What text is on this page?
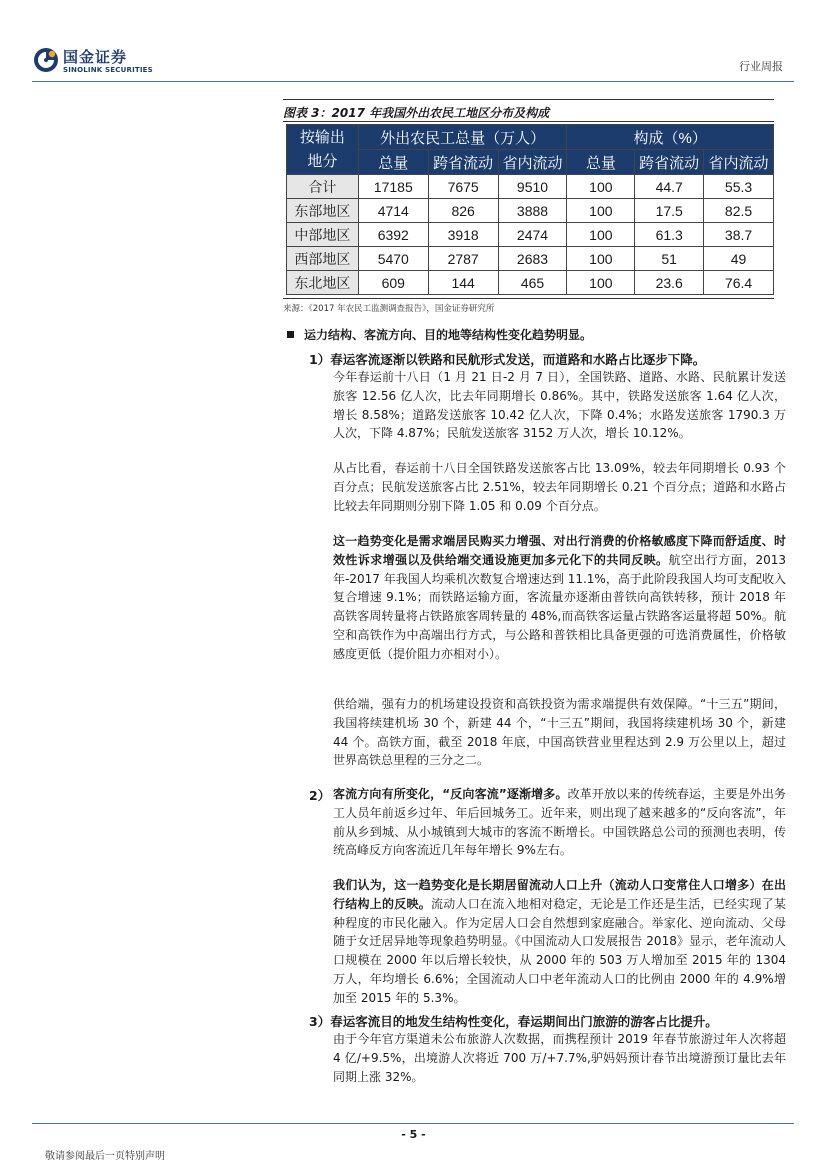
国金证券
SINOLINK SECURITIES	行业周报
图表 3：2017 年我国外出农民工地区分布及构成
按输出地分	外出农民工总量（万人）			构成（%）		
	总量	跨省流动	省内流动	总量	跨省流动	省内流动
合计	17185	7675	9510	100	44.7	55.3
东部地区	4714	826	3888	100	17.5	82.5
中部地区	6392	3918	2474	100	61.3	38.7
西部地区	5470	2787	2683	100	51	49
东北地区	609	144	465	100	23.6	76.4
来源：《2017 年农民工监测调查报告》，国金证券研究所
运力结构、客流方向、目的地等结构性变化趋势明显。
1）春运客流逐渐以铁路和民航形式发送，而道路和水路占比逐步下降。
今年春运前十八日（1 月 21 日-2 月 7 日），全国铁路、道路、水路、民航累计发送旅客 12.56 亿人次，比去年同期增长 0.86%。其中，铁路发送旅客 1.64 亿人次，增长 8.58%；道路发送旅客 10.42 亿人次，下降 0.4%；水路发送旅客 1790.3 万人次，下降 4.87%；民航发送旅客 3152 万人次，增长 10.12%。
从占比看，春运前十八日全国铁路发送旅客占比 13.09%，较去年同期增长 0.93 个百分点；民航发送旅客占比 2.51%，较去年同期增长 0.21 个百分点；道路和水路占比较去年同期则分别下降 1.05 和 0.09 个百分点。
这一趋势变化是需求端居民购买力增强、对出行消费的价格敏感度下降而舒适度、时效性诉求增强以及供给端交通设施更加多元化下的共同反映。航空出行方面，2013 年-2017 年我国人均乘机次数复合增速达到 11.1%，高于此阶段我国人均可支配收入复合增速 9.1%；而铁路运输方面，客流量亦逐渐由普铁向高铁转移，预计 2018 年高铁客周转量将占铁路旅客周转量的 48%,而高铁客运量占铁路客运量将超 50%。航空和高铁作为中高端出行方式，与公路和普铁相比具备更强的可选消费属性，价格敏感度更低（提价阻力亦相对小）。
供给端，强有力的机场建设投资和高铁投资为需求端提供有效保障。“十三五”期间，我国将续建机场 30 个，新建 44 个，“十三五”期间，我国将续建机场 30 个，新建 44 个。高铁方面，截至 2018 年底，中国高铁营业里程达到 2.9 万公里以上，超过世界高铁总里程的三分之二。
2） 客流方向有所变化，“反向客流”逐渐增多。改革开放以来的传统春运，主要是外出务工人员年前返乡过年、年后回城务工。近年来，则出现了越来越多的“反向客流”，年前从乡到城、从小城镇到大城市的客流不断增长。中国铁路总公司的预测也表明，传统高峰反方向客流近几年每年增长 9%左右。
我们认为，这一趋势变化是长期居留流动人口上升（流动人口变常住人口增多）在出行结构上的反映。流动人口在流入地相对稳定，无论是工作还是生活，已经实现了某种程度的市民化融入。作为定居人口会自然想到家庭融合。举家化、逆向流动、父母随于女迁居异地等现象趋势明显。《中国流动人口发展报告 2018》显示，老年流动人口规模在 2000 年以后增长较快，从 2000 年的 503 万人增加至 2015 年的 1304 万人，年均增长 6.6%；全国流动人口中老年流动人口的比例由 2000 年的 4.9%增加至 2015 年的 5.3%。
3）春运客流目的地发生结构性变化，春运期间出门旅游的游客占比提升。
由于今年官方渠道未公布旅游人次数据，而携程预计 2019 年春节旅游过年人次将超 4 亿/+9.5%，出境游人次将近 700 万/+7.7%,驴妈妈预计春节出境游预订量比去年同期上涨 32%。
- 5 -
敬请参阅最后一页特别声明
